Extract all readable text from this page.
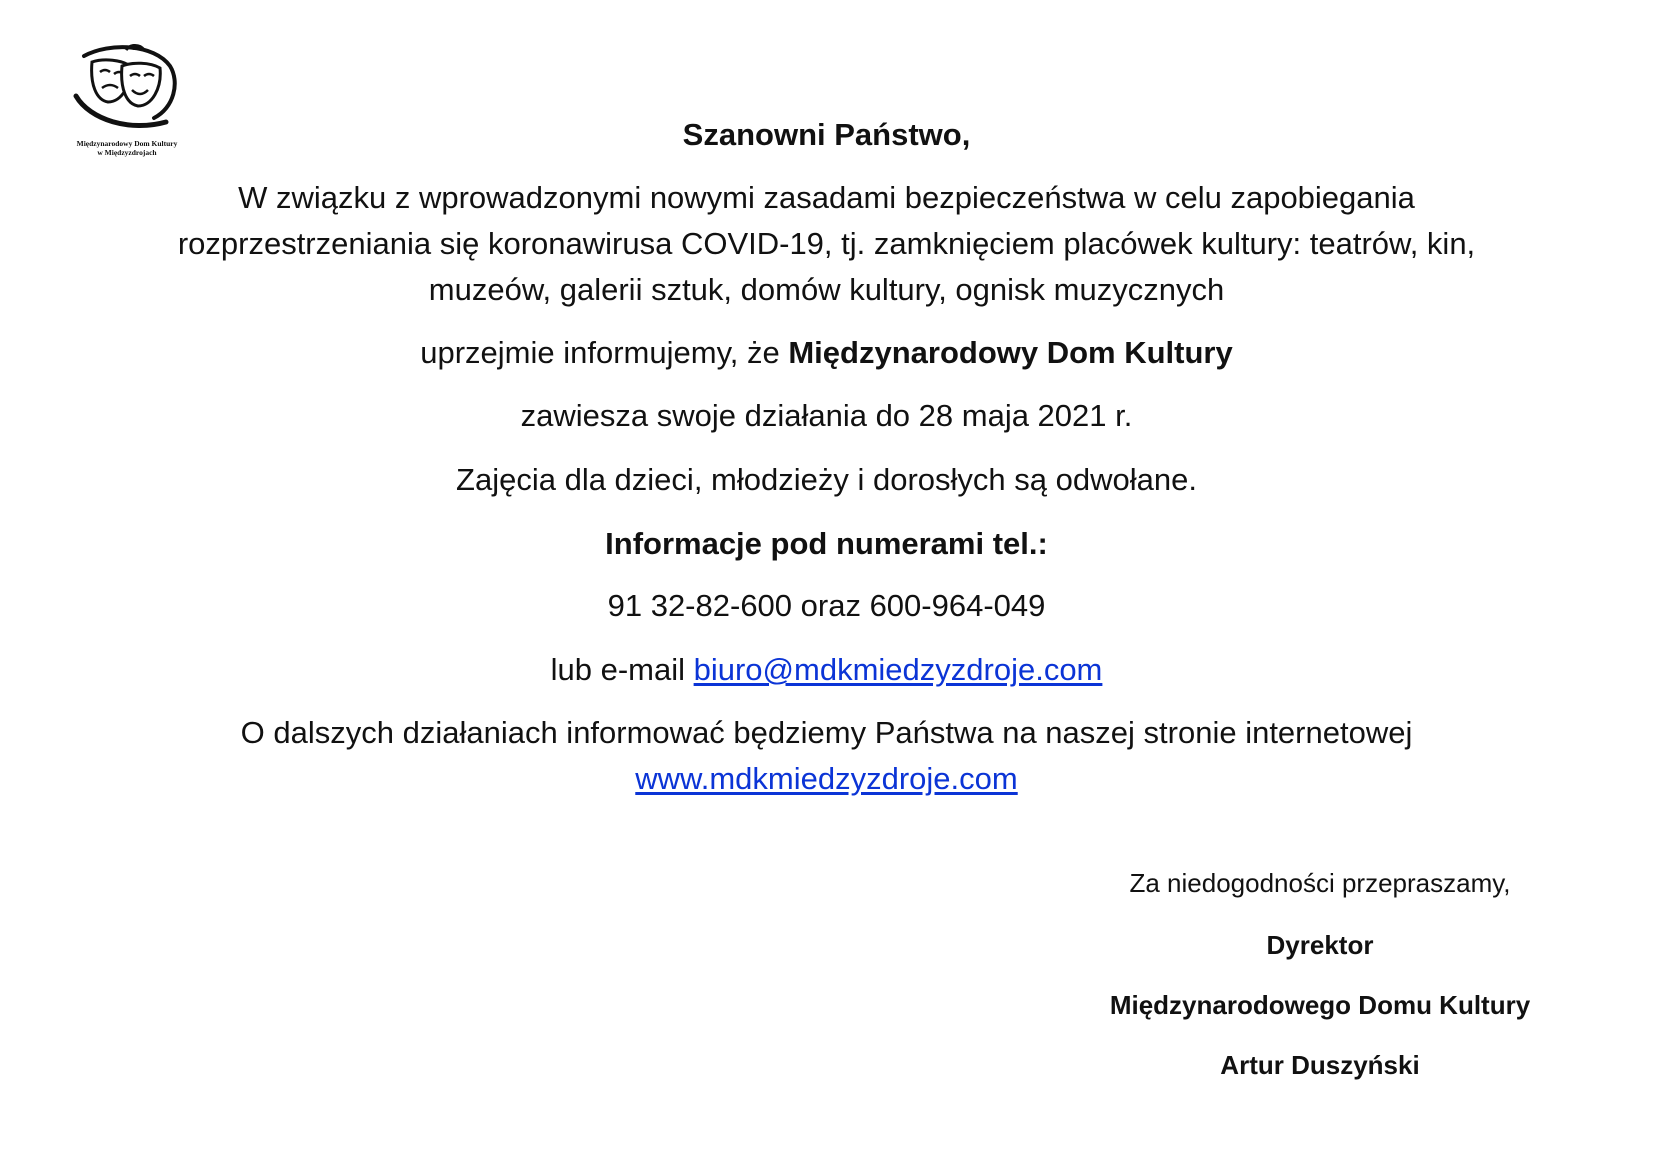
Międzynarodowy Dom Kultury
w Międzyzdrojach
Szanowni Państwo,
W związku z wprowadzonymi nowymi zasadami bezpieczeństwa w celu zapobiegania
rozprzestrzeniania się koronawirusa COVID-19, tj. zamknięciem placówek kultury: teatrów, kin,
muzeów, galerii sztuk, domów kultury, ognisk muzycznych
uprzejmie informujemy, że Międzynarodowy Dom Kultury
zawiesza swoje działania do 28 maja 2021 r.
Zajęcia dla dzieci, młodzieży i dorosłych są odwołane.
Informacje pod numerami tel.:
91 32-82-600 oraz 600-964-049
lub e-mail biuro@mdkmiedzyzdroje.com
O dalszych działaniach informować będziemy Państwa na naszej stronie internetowej
www.mdkmiedzyzdroje.com
Za niedogodności przepraszamy,
Dyrektor
Międzynarodowego Domu Kultury
Artur Duszyński
